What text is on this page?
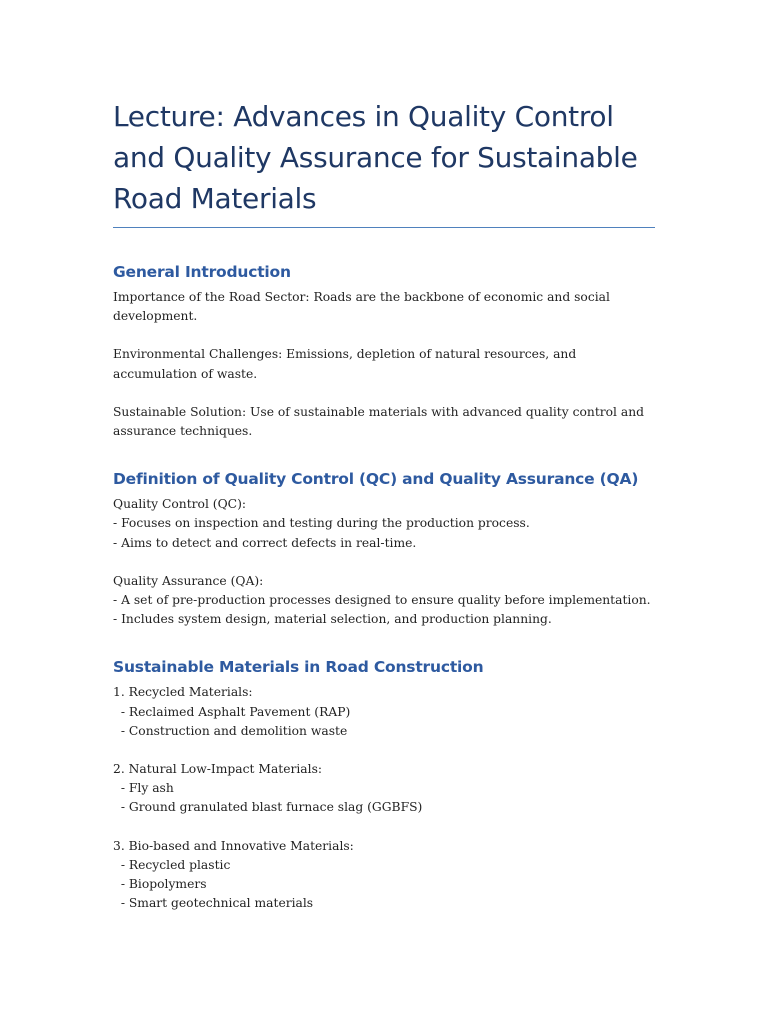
Lecture: Advances in Quality Control and Quality Assurance for Sustainable Road Materials
General Introduction

Importance of the Road Sector: Roads are the backbone of economic and social development.

Environmental Challenges: Emissions, depletion of natural resources, and accumulation of waste.

Sustainable Solution: Use of sustainable materials with advanced quality control and assurance techniques.

Definition of Quality Control (QC) and Quality Assurance (QA)

Quality Control (QC):
- Focuses on inspection and testing during the production process.
- Aims to detect and correct defects in real-time.

Quality Assurance (QA):
- A set of pre-production processes designed to ensure quality before implementation.
- Includes system design, material selection, and production planning.

Sustainable Materials in Road Construction

1. Recycled Materials:
- Reclaimed Asphalt Pavement (RAP)
- Construction and demolition waste

2. Natural Low-Impact Materials:
- Fly ash
- Ground granulated blast furnace slag (GGBFS)

3. Bio-based and Innovative Materials:
- Recycled plastic
- Biopolymers
- Smart geotechnical materials
